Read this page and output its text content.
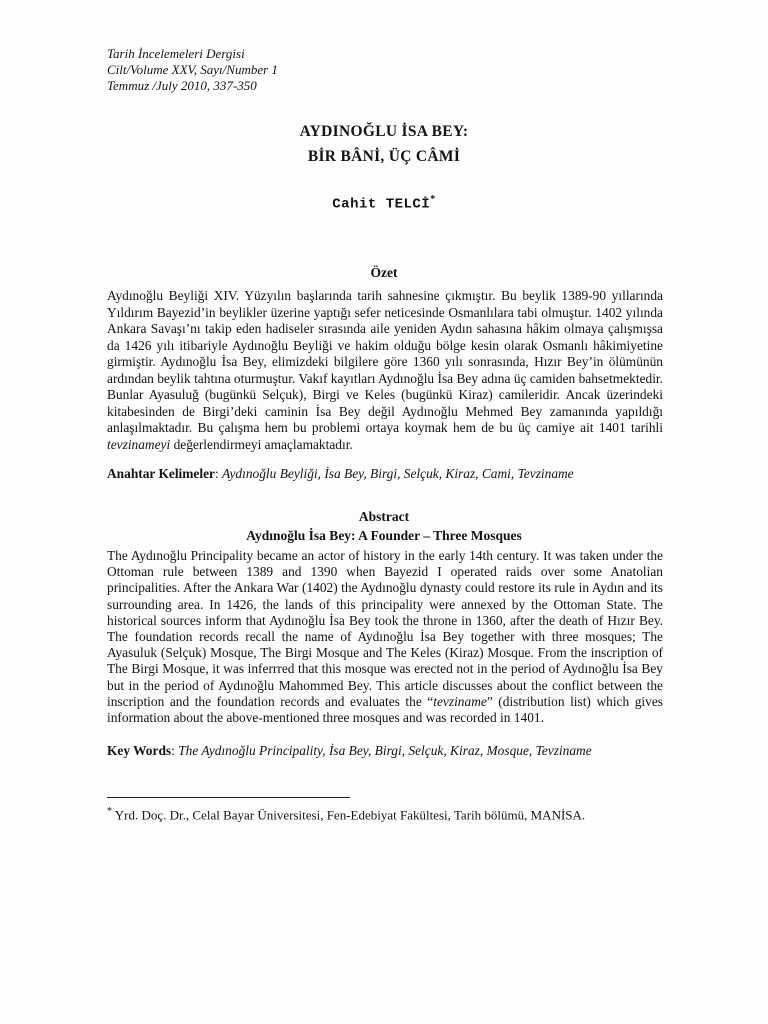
Tarih İncelemeleri Dergisi
Cilt/Volume XXV, Sayı/Number 1
Temmuz /July 2010, 337-350
AYDINOĞLU İSA BEY:
BİR BÂNİ, ÜÇ CÂMİ
Cahit TELCİ*
Özet
Aydınoğlu Beyliği XIV. Yüzyılın başlarında tarih sahnesine çıkmıştır. Bu beylik 1389-90 yıllarında Yıldırım Bayezid’in beylikler üzerine yaptığı sefer neticesinde Osmanlılara tabi olmuştur. 1402 yılında Ankara Savaşı’nı takip eden hadiseler sırasında aile yeniden Aydın sahasına hâkim olmaya çalışmışsa da 1426 yılı itibariyle Aydınoğlu Beyliği ve hakim olduğu bölge kesin olarak Osmanlı hâkimiyetine girmiştir. Aydınoğlu İsa Bey, elimizdeki bilgilere göre 1360 yılı sonrasında, Hızır Bey’in ölümünün ardından beylik tahtına oturmuştur. Vakıf kayıtları Aydınoğlu İsa Bey adına üç camiden bahsetmektedir. Bunlar Ayasuluğ (bugünkü Selçuk), Birgi ve Keles (bugünkü Kiraz) camileridir. Ancak üzerindeki kitabesinden de Birgi’deki caminin İsa Bey değil Aydınoğlu Mehmed Bey zamanında yapıldığı anlaşılmaktadır. Bu çalışma hem bu problemi ortaya koymak hem de bu üç camiye ait 1401 tarihli tevzinameyi değerlendirmeyi amaçlamaktadır.
Anahtar Kelimeler: Aydınoğlu Beyliği, İsa Bey, Birgi, Selçuk, Kiraz, Cami, Tevziname
Abstract
Aydınoğlu İsa Bey: A Founder – Three Mosques
The Aydınoğlu Principality became an actor of history in the early 14th century. It was taken under the Ottoman rule between 1389 and 1390 when Bayezid I operated raids over some Anatolian principalities. After the Ankara War (1402) the Aydınoğlu dynasty could restore its rule in Aydın and its surrounding area. In 1426, the lands of this principality were annexed by the Ottoman State. The historical sources inform that Aydınoğlu İsa Bey took the throne in 1360, after the death of Hızır Bey. The foundation records recall the name of Aydınoğlu İsa Bey together with three mosques; The Ayasuluk (Selçuk) Mosque, The Birgi Mosque and The Keles (Kiraz) Mosque. From the inscription of The Birgi Mosque, it was inferrred that this mosque was erected not in the period of Aydınoğlu İsa Bey but in the period of Aydınoğlu Mahommed Bey. This article discusses about the conflict between the inscription and the foundation records and evaluates the “tevziname” (distribution list) which gives information about the above-mentioned three mosques and was recorded in 1401.
Key Words: The Aydınoğlu Principality, İsa Bey, Birgi, Selçuk, Kiraz, Mosque, Tevziname
* Yrd. Doç. Dr., Celal Bayar Üniversitesi, Fen-Edebiyat Fakültesi, Tarih bölümü, MANİSA.
